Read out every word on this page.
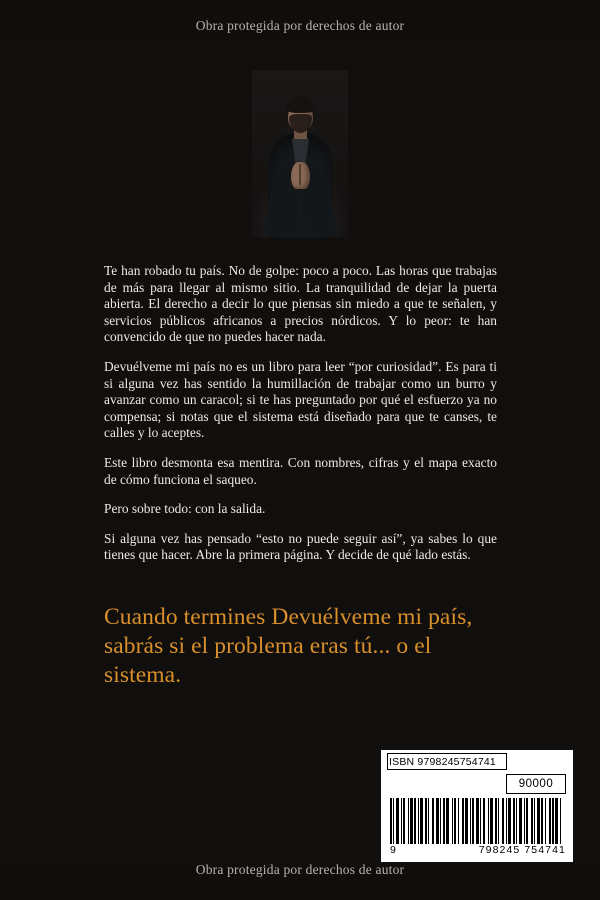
Obra protegida por derechos de autor

Te han robado tu país. No de golpe: poco a poco. Las horas que trabajas de más para llegar al mismo sitio. La tranquilidad de dejar la puerta abierta. El derecho a decir lo que piensas sin miedo a que te señalen, y servicios públicos africanos a precios nórdicos. Y lo peor: te han convencido de que no puedes hacer nada.

Devuélveme mi país no es un libro para leer “por curiosidad”. Es para ti si alguna vez has sentido la humillación de trabajar como un burro y avanzar como un caracol; si te has preguntado por qué el esfuerzo ya no compensa; si notas que el sistema está diseñado para que te canses, te calles y lo aceptes.

Este libro desmonta esa mentira. Con nombres, cifras y el mapa exacto de cómo funciona el saqueo.

Pero sobre todo: con la salida.

Si alguna vez has pensado “esto no puede seguir así”, ya sabes lo que tienes que hacer. Abre la primera página. Y decide de qué lado estás.

Cuando termines Devuélveme mi país, sabrás si el problema eras tú... o el sistema.
ISBN 9798245754741
90000
9	798245 754741
Obra protegida por derechos de autor
